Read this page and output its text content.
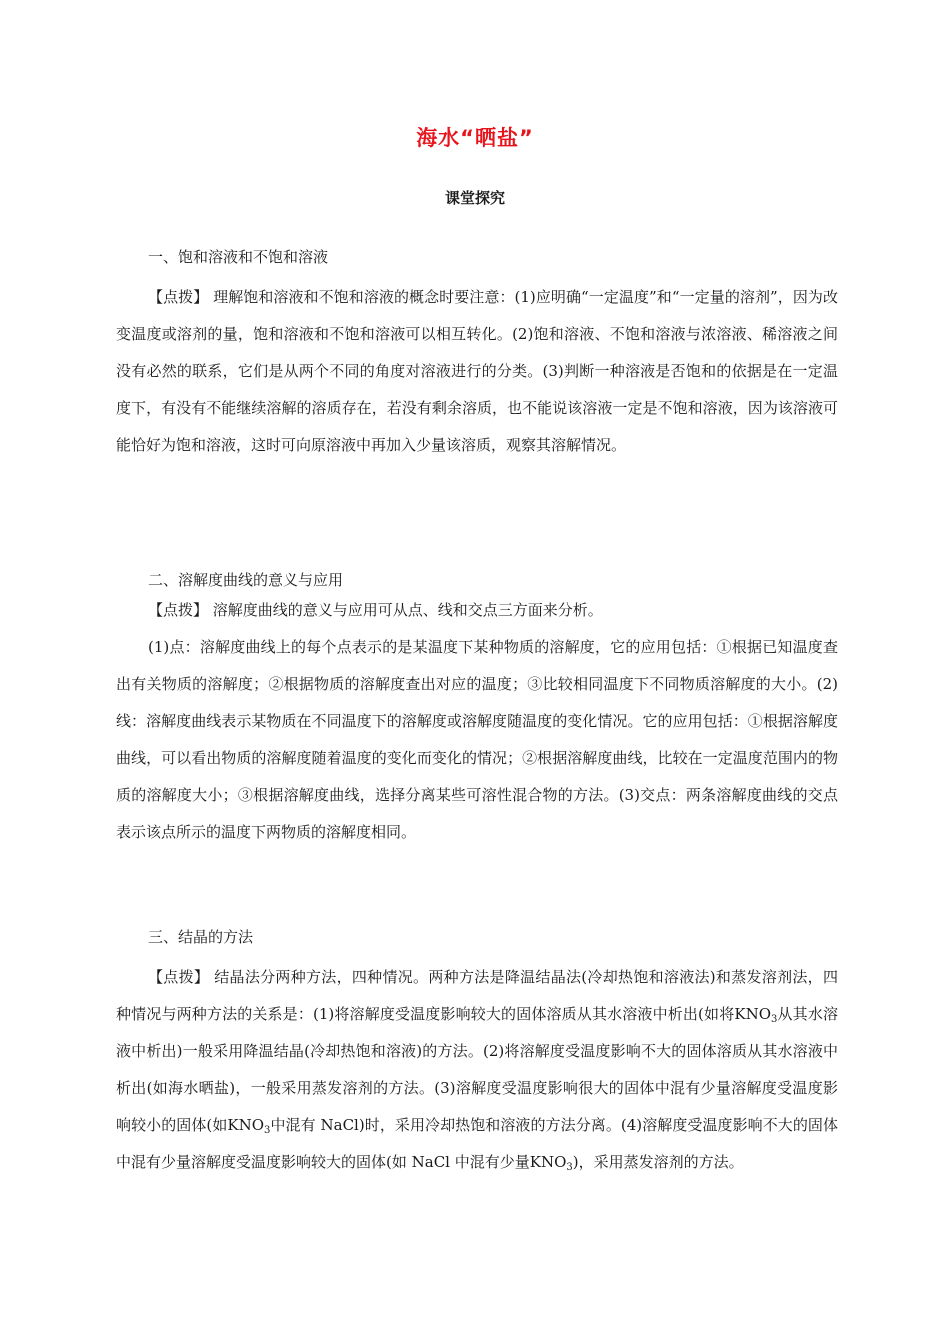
海水“晒盐”
课堂探究

一、饱和溶液和不饱和溶液

【点拨】 理解饱和溶液和不饱和溶液的概念时要注意：(1)应明确“一定温度”和“一定量的溶剂”，因为改变温度或溶剂的量，饱和溶液和不饱和溶液可以相互转化。(2)饱和溶液、不饱和溶液与浓溶液、稀溶液之间没有必然的联系，它们是从两个不同的角度对溶液进行的分类。(3)判断一种溶液是否饱和的依据是在一定温度下，有没有不能继续溶解的溶质存在，若没有剩余溶质，也不能说该溶液一定是不饱和溶液，因为该溶液可能恰好为饱和溶液，这时可向原溶液中再加入少量该溶质，观察其溶解情况。

二、溶解度曲线的意义与应用

【点拨】 溶解度曲线的意义与应用可从点、线和交点三方面来分析。

(1)点：溶解度曲线上的每个点表示的是某温度下某种物质的溶解度，它的应用包括：①根据已知温度查出有关物质的溶解度；②根据物质的溶解度查出对应的温度；③比较相同温度下不同物质溶解度的大小。(2)线：溶解度曲线表示某物质在不同温度下的溶解度或溶解度随温度的变化情况。它的应用包括：①根据溶解度曲线，可以看出物质的溶解度随着温度的变化而变化的情况；②根据溶解度曲线，比较在一定温度范围内的物质的溶解度大小；③根据溶解度曲线，选择分离某些可溶性混合物的方法。(3)交点：两条溶解度曲线的交点表示该点所示的温度下两物质的溶解度相同。

三、结晶的方法

【点拨】 结晶法分两种方法，四种情况。两种方法是降温结晶法(冷却热饱和溶液法)和蒸发溶剂法，四种情况与两种方法的关系是：(1)将溶解度受温度影响较大的固体溶质从其水溶液中析出(如将$KNO_3$从其水溶液中析出)一般采用降温结晶(冷却热饱和溶液)的方法。(2)将溶解度受温度影响不大的固体溶质从其水溶液中析出(如海水晒盐)，一般采用蒸发溶剂的方法。(3)溶解度受温度影响很大的固体中混有少量溶解度受温度影响较小的固体(如$KNO_3$中混有 NaCl)时，采用冷却热饱和溶液的方法分离。(4)溶解度受温度影响不大的固体中混有少量溶解度受温度影响较大的固体(如 NaCl 中混有少量$KNO_3$)，采用蒸发溶剂的方法。
